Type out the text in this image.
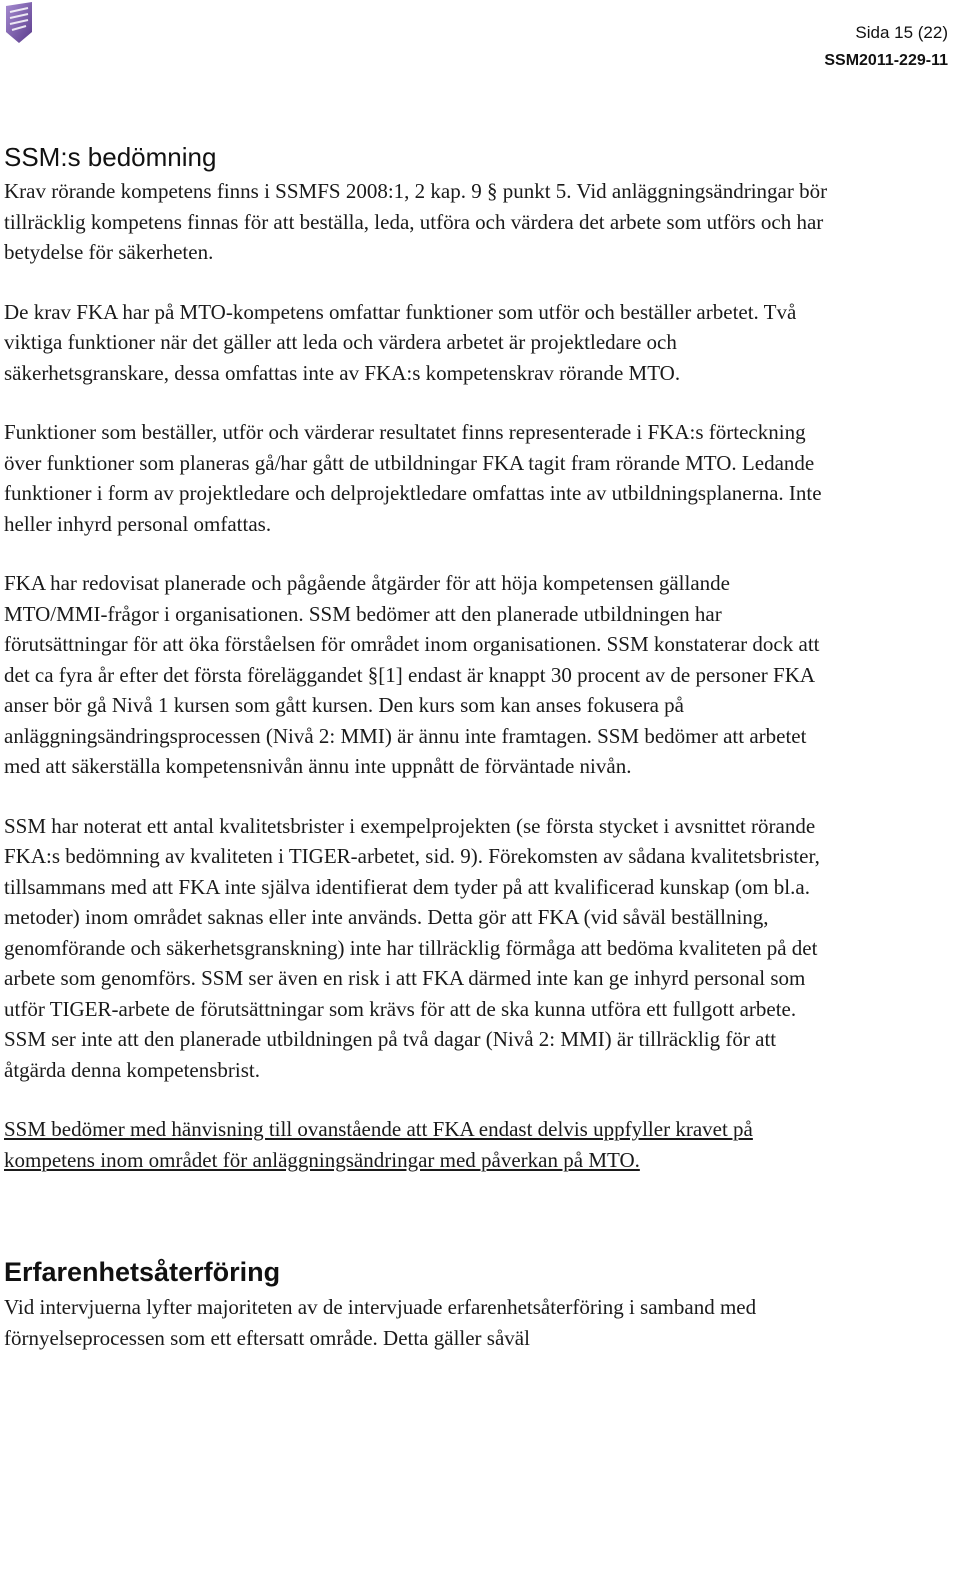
Sida 15 (22)
SSM2011-229-11
SSM:s bedömning

Krav rörande kompetens finns i SSMFS 2008:1, 2 kap. 9 § punkt 5. Vid anläggningsändringar bör tillräcklig kompetens finnas för att beställa, leda, utföra och värdera det arbete som utförs och har betydelse för säkerheten.

De krav FKA har på MTO-kompetens omfattar funktioner som utför och beställer arbetet. Två viktiga funktioner när det gäller att leda och värdera arbetet är projektledare och säkerhetsgranskare, dessa omfattas inte av FKA:s kompetenskrav rörande MTO.

Funktioner som beställer, utför och värderar resultatet finns representerade i FKA:s förteckning över funktioner som planeras gå/har gått de utbildningar FKA tagit fram rörande MTO. Ledande funktioner i form av projektledare och delprojektledare omfattas inte av utbildningsplanerna. Inte heller inhyrd personal omfattas.

FKA har redovisat planerade och pågående åtgärder för att höja kompetensen gällande MTO/MMI-frågor i organisationen. SSM bedömer att den planerade utbildningen har förutsättningar för att öka förståelsen för området inom organisationen. SSM konstaterar dock att det ca fyra år efter det första föreläggandet §[1] endast är knappt 30 procent av de personer FKA anser bör gå Nivå 1 kursen som gått kursen. Den kurs som kan anses fokusera på anläggningsändringsprocessen (Nivå 2: MMI) är ännu inte framtagen. SSM bedömer att arbetet med att säkerställa kompetensnivån ännu inte uppnått de förväntade nivån.

SSM har noterat ett antal kvalitetsbrister i exempelprojekten (se första stycket i avsnittet rörande FKA:s bedömning av kvaliteten i TIGER-arbetet, sid. 9). Förekomsten av sådana kvalitetsbrister, tillsammans med att FKA inte själva identifierat dem tyder på att kvalificerad kunskap (om bl.a. metoder) inom området saknas eller inte används. Detta gör att FKA (vid såväl beställning, genomförande och säkerhetsgranskning) inte har tillräcklig förmåga att bedöma kvaliteten på det arbete som genomförs. SSM ser även en risk i att FKA därmed inte kan ge inhyrd personal som utför TIGER-arbete de förutsättningar som krävs för att de ska kunna utföra ett fullgott arbete. SSM ser inte att den planerade utbildningen på två dagar (Nivå 2: MMI) är tillräcklig för att åtgärda denna kompetensbrist.

SSM bedömer med hänvisning till ovanstående att FKA endast delvis uppfyller kravet på kompetens inom området för anläggningsändringar med påverkan på MTO.

Erfarenhetsåterföring

Vid intervjuerna lyfter majoriteten av de intervjuade erfarenhetsåterföring i samband med förnyelseprocessen som ett eftersatt område. Detta gäller såväl
